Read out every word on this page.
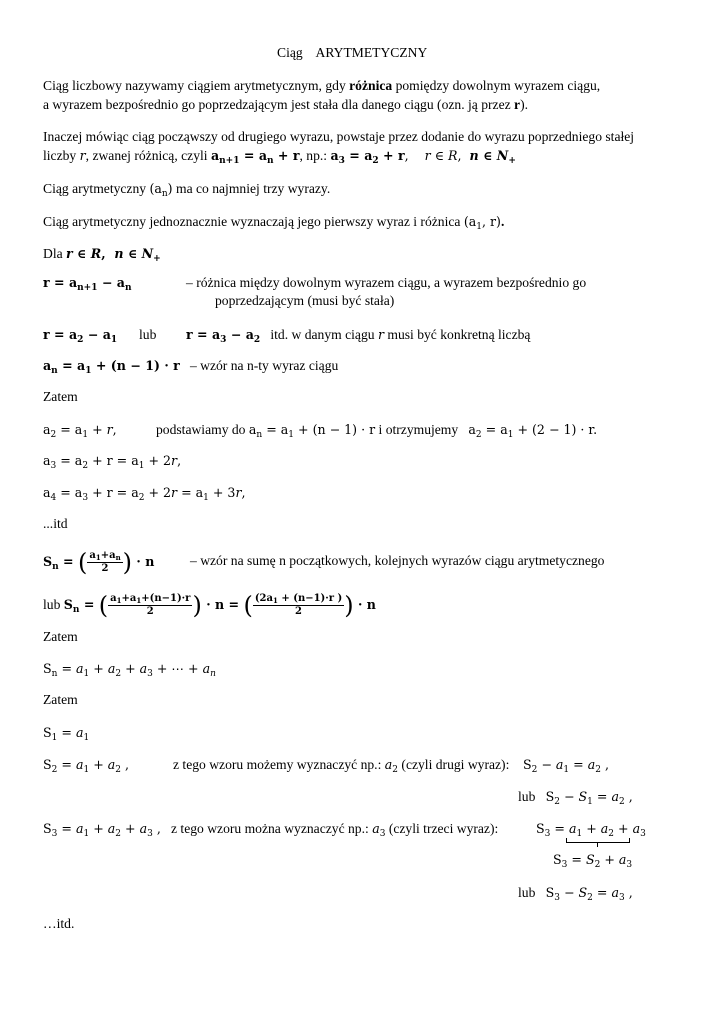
Ciąg    ARYTMETYCZNY
Ciąg liczbowy nazywamy ciągiem arytmetycznym, gdy różnica pomiędzy dowolnym wyrazem ciągu,
a wyrazem bezpośrednio go poprzedzającym jest stała dla danego ciągu (ozn. ją przez r).
Inaczej mówiąc ciąg począwszy od drugiego wyrazu, powstaje przez dodanie do wyrazu poprzedniego stałej
liczby r, zwanej różnicą, czyli $a_{n+1} = a_n + r$, np.: $a_3 = a_2 + r$,    r ∈ R,  n ∈ $N_+$
Ciąg arytmetyczny $(a_n)$ ma co najmniej trzy wyrazy.
Ciąg arytmetyczny jednoznacznie wyznaczają jego pierwszy wyraz i różnica ($a_1$, r).
Dla r ∈ R,  n ∈ $N_+$
$r = a_{n+1} - a_n$	– różnica między dowolnym wyrazem ciągu, a wyrazem bezpośrednio go
poprzedzającym (musi być stała)
$r = a_2 - a_1$ lub $r = a_3 - a_2$ itd. w danym ciągu r musi być konkretną liczbą
$a_n = a_1 + (n - 1) \cdot r$ – wzór na n-ty wyraz ciągu
Zatem
$a_2 = a_1 + r$,	podstawiamy do $a_n = a_1 + (n - 1) \cdot r$ i otrzymujemy $a_2 = a_1 + (2 - 1) \cdot r$.
$a_3 = a_2 + r = a_1 + 2r$,
$a_4 = a_3 + r = a_2 + 2r = a_1 + 3r$,
...itd
$S_n$ = ( $\frac{a_1+a_n}{2}$ ) · n	– wzór na sumę n początkowych, kolejnych wyrazów ciągu arytmetycznego
lub $S_n$ = ( $\frac{a_1+a_1+(n-1)\cdot r}{2}$ ) · n = ( $\frac{(2a_1 + (n-1)\cdot r )}{2}$ ) · n
Zatem
$S_n = a_1 + a_2 + a_3$ + ⋯ + $a_n$
Zatem
$S_1 = a_1$
$S_2 = a_1 + a_2$ ,	z tego wzoru możemy wyznaczyć np.: $a_2$ (czyli drugi wyraz): $S_2 - a_1 = a_2$ ,
lub $S_2 - S_1 = a_2$ ,
$S_3 = a_1 + a_2 + a_3$ , z tego wzoru można wyznaczyć np.: $a_3$ (czyli trzeci wyraz):	$S_3 = a_1 + a_2 + a_3$
$S_3 = S_2 + a_3$
lub $S_3 - S_2 = a_3$ ,
…itd.
